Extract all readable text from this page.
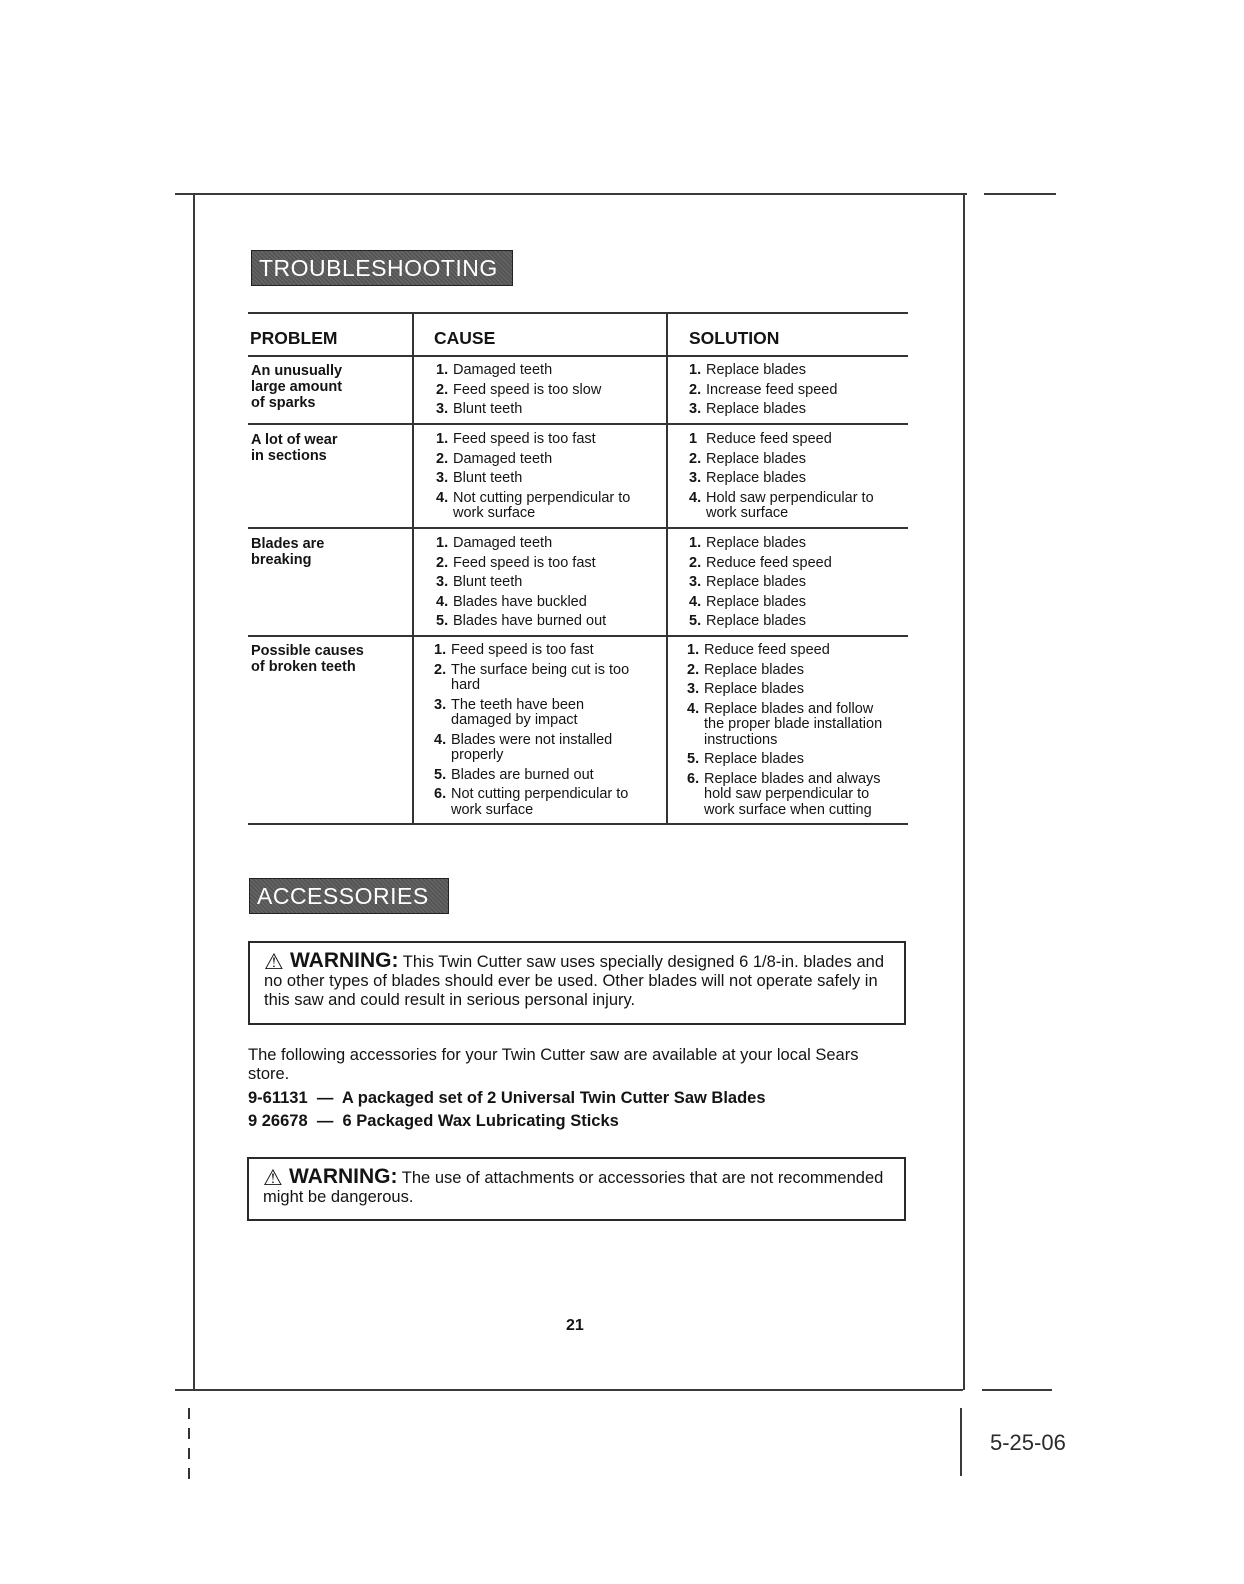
TROUBLESHOOTING
PROBLEM	CAUSE	SOLUTION
An unusually
large amount
of sparks
1. Damaged teeth
2. Feed speed is too slow
3. Blunt teeth
1. Replace blades
2. Increase feed speed
3. Replace blades
A lot of wear
in sections
1. Feed speed is too fast
2. Damaged teeth
3. Blunt teeth
4. Not cutting perpendicular to work surface
1 Reduce feed speed
2. Replace blades
3. Replace blades
4. Hold saw perpendicular to work surface
Blades are
breaking
1. Damaged teeth
2. Feed speed is too fast
3. Blunt teeth
4. Blades have buckled
5. Blades have burned out
1. Replace blades
2. Reduce feed speed
3. Replace blades
4. Replace blades
5. Replace blades
Possible causes
of broken teeth
1. Feed speed is too fast
2. The surface being cut is too hard
3. The teeth have been damaged by impact
4. Blades were not installed properly
5. Blades are burned out
6. Not cutting perpendicular to work surface
1. Reduce feed speed
2. Replace blades
3. Replace blades
4. Replace blades and follow the proper blade installation instructions
5. Replace blades
6. Replace blades and always hold saw perpendicular to work surface when cutting
ACCESSORIES
⚠ WARNING: This Twin Cutter saw uses specially designed 6 1/8-in. blades and no other types of blades should ever be used. Other blades will not operate safely in this saw and could result in serious personal injury.
The following accessories for your Twin Cutter saw are available at your local Sears store.
9-61131 — A packaged set of 2 Universal Twin Cutter Saw Blades
9 26678 — 6 Packaged Wax Lubricating Sticks
⚠ WARNING: The use of attachments or accessories that are not recommended might be dangerous.
21
5-25-06
